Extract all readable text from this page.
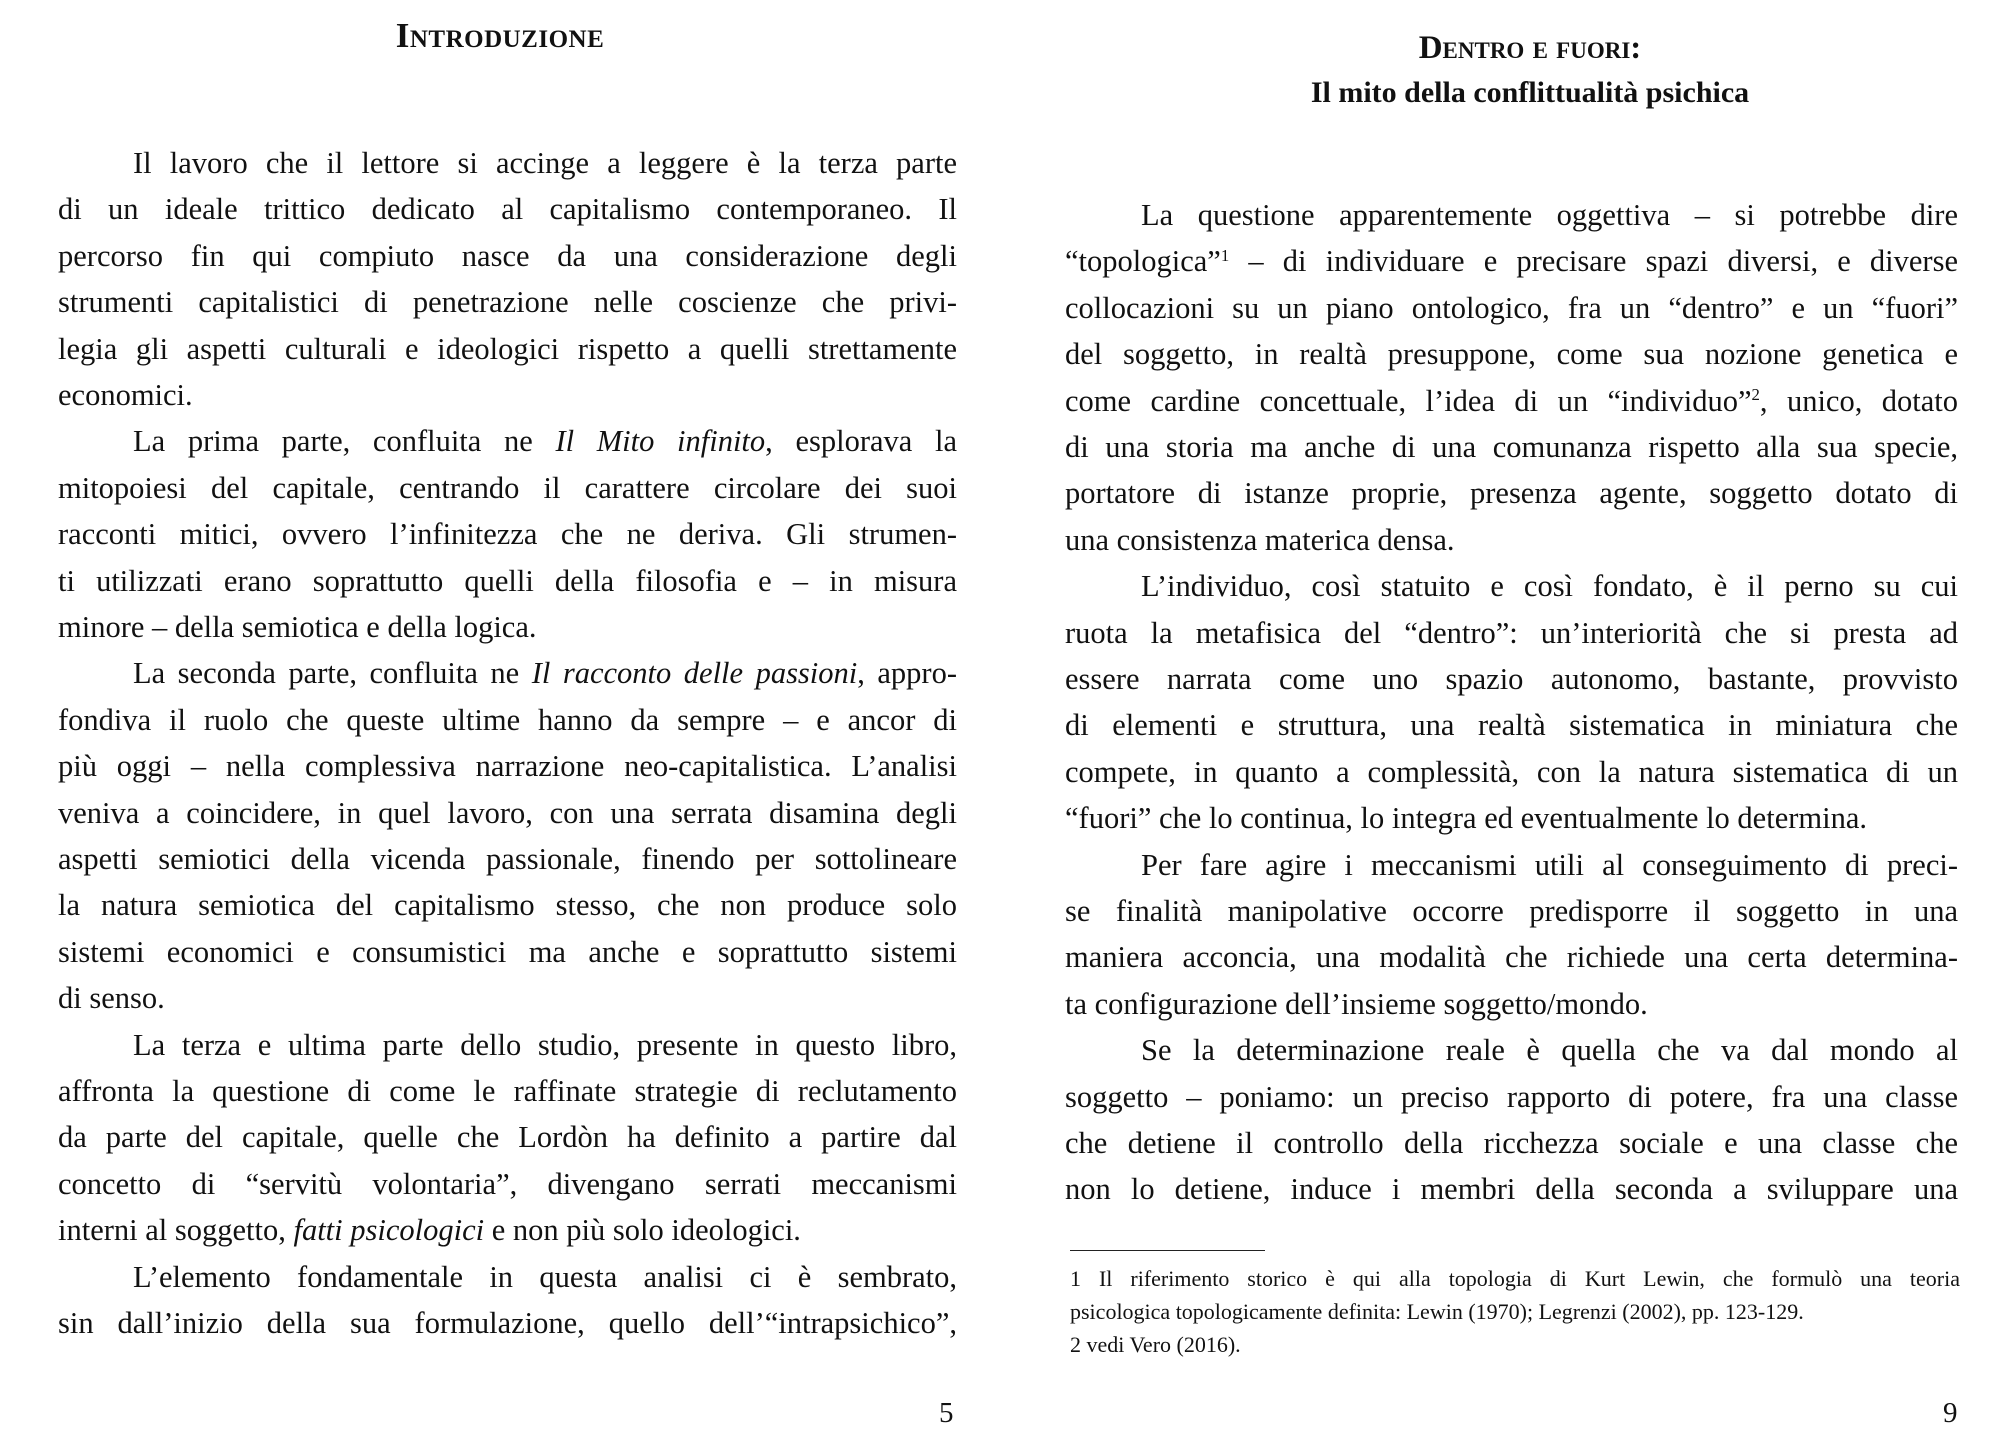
Introduzione
Il lavoro che il lettore si accinge a leggere è la terza parte
di un ideale trittico dedicato al capitalismo contemporaneo. Il
percorso fin qui compiuto nasce da una considerazione degli
strumenti capitalistici di penetrazione nelle coscienze che privi-
legia gli aspetti culturali e ideologici rispetto a quelli strettamente
economici.
La prima parte, confluita ne Il Mito infinito, esplorava la
mitopoiesi del capitale, centrando il carattere circolare dei suoi
racconti mitici, ovvero l’infinitezza che ne deriva. Gli strumen-
ti utilizzati erano soprattutto quelli della filosofia e – in misura
minore – della semiotica e della logica.
La seconda parte, confluita ne Il racconto delle passioni, appro-
fondiva il ruolo che queste ultime hanno da sempre – e ancor di
più oggi – nella complessiva narrazione neo-capitalistica. L’analisi
veniva a coincidere, in quel lavoro, con una serrata disamina degli
aspetti semiotici della vicenda passionale, finendo per sottolineare
la natura semiotica del capitalismo stesso, che non produce solo
sistemi economici e consumistici ma anche e soprattutto sistemi
di senso.
La terza e ultima parte dello studio, presente in questo libro,
affronta la questione di come le raffinate strategie di reclutamento
da parte del capitale, quelle che Lordòn ha definito a partire dal
concetto di “servitù volontaria”, divengano serrati meccanismi
interni al soggetto, fatti psicologici e non più solo ideologici.
L’elemento fondamentale in questa analisi ci è sembrato,
sin dall’inizio della sua formulazione, quello dell’“intrapsichico”,
5
Dentro e fuori:
Il mito della conflittualità psichica
La questione apparentemente oggettiva – si potrebbe dire
“topologica”$^1$ – di individuare e precisare spazi diversi, e diverse
collocazioni su un piano ontologico, fra un “dentro” e un “fuori”
del soggetto, in realtà presuppone, come sua nozione genetica e
come cardine concettuale, l’idea di un “individuo”$^2$, unico, dotato
di una storia ma anche di una comunanza rispetto alla sua specie,
portatore di istanze proprie, presenza agente, soggetto dotato di
una consistenza materica densa.
L’individuo, così statuito e così fondato, è il perno su cui
ruota la metafisica del “dentro”: un’interiorità che si presta ad
essere narrata come uno spazio autonomo, bastante, provvisto
di elementi e struttura, una realtà sistematica in miniatura che
compete, in quanto a complessità, con la natura sistematica di un
“fuori” che lo continua, lo integra ed eventualmente lo determina.
Per fare agire i meccanismi utili al conseguimento di preci-
se finalità manipolative occorre predisporre il soggetto in una
maniera acconcia, una modalità che richiede una certa determina-
ta configurazione dell’insieme soggetto/mondo.
Se la determinazione reale è quella che va dal mondo al
soggetto – poniamo: un preciso rapporto di potere, fra una classe
che detiene il controllo della ricchezza sociale e una classe che
non lo detiene, induce i membri della seconda a sviluppare una
1 Il riferimento storico è qui alla topologia di Kurt Lewin, che formulò una teoria
psicologica topologicamente definita: Lewin (1970); Legrenzi (2002), pp. 123-129.
2 vedi Vero (2016).
9
